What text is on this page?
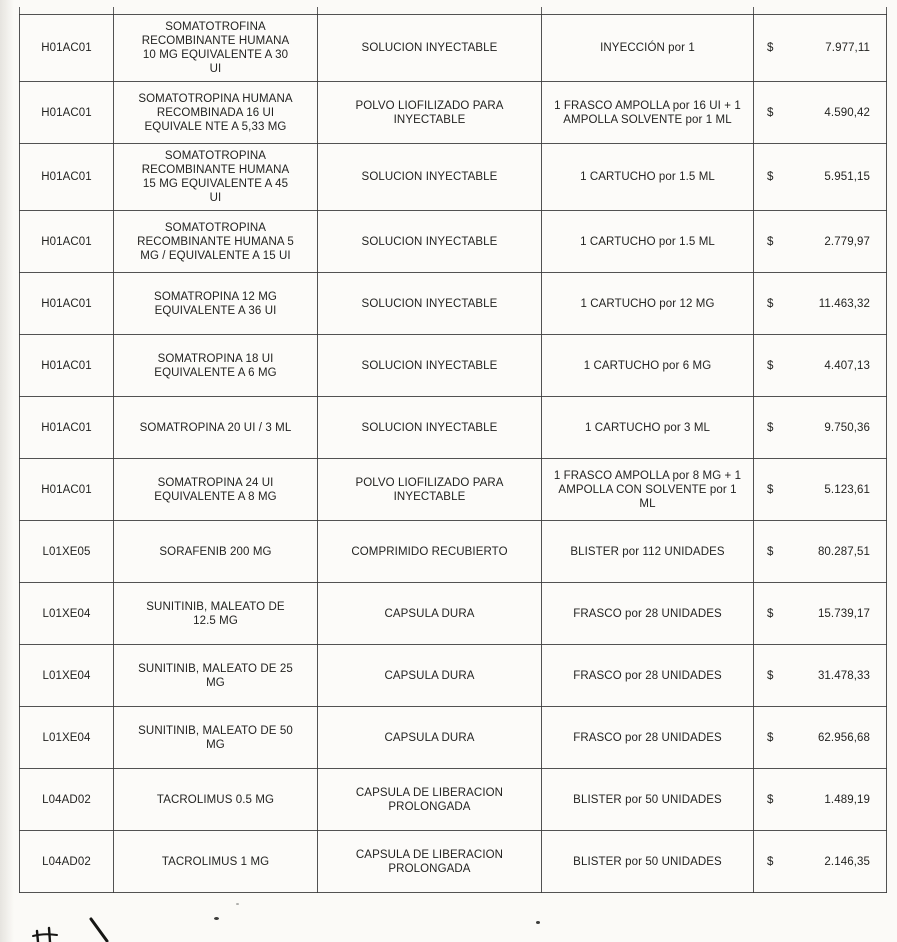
H01AC01	SOMATOTROFINA RECOMBINANTE HUMANA 10 MG EQUIVALENTE A 30 UI	SOLUCION INYECTABLE	INYECCIÓN por 1	$ 7.977,11

H01AC01	SOMATOTROPINA HUMANA RECOMBINADA 16 UI EQUIVALE NTE A 5,33 MG	POLVO LIOFILIZADO PARA INYECTABLE	1 FRASCO AMPOLLA por 16 UI + 1 AMPOLLA SOLVENTE por 1 ML	$ 4.590,42

H01AC01	SOMATOTROPINA RECOMBINANTE HUMANA 15 MG EQUIVALENTE A 45 UI	SOLUCION INYECTABLE	1 CARTUCHO por 1.5 ML	$ 5.951,15

H01AC01	SOMATOTROPINA RECOMBINANTE HUMANA 5 MG / EQUIVALENTE A 15 UI	SOLUCION INYECTABLE	1 CARTUCHO por 1.5 ML	$ 2.779,97

H01AC01	SOMATROPINA 12 MG EQUIVALENTE A 36 UI	SOLUCION INYECTABLE	1 CARTUCHO por 12 MG	$ 11.463,32

H01AC01	SOMATROPINA 18 UI EQUIVALENTE A 6 MG	SOLUCION INYECTABLE	1 CARTUCHO por 6 MG	$ 4.407,13

H01AC01	SOMATROPINA 20 UI / 3 ML	SOLUCION INYECTABLE	1 CARTUCHO por 3 ML	$ 9.750,36

H01AC01	SOMATROPINA 24 UI EQUIVALENTE A 8 MG	POLVO LIOFILIZADO PARA INYECTABLE	1 FRASCO AMPOLLA por 8 MG + 1 AMPOLLA CON SOLVENTE por 1 ML	$ 5.123,61

L01XE05	SORAFENIB 200 MG	COMPRIMIDO RECUBIERTO	BLISTER por 112 UNIDADES	$ 80.287,51

L01XE04	SUNITINIB, MALEATO DE 12.5 MG	CAPSULA DURA	FRASCO por 28 UNIDADES	$ 15.739,17

L01XE04	SUNITINIB, MALEATO DE 25 MG	CAPSULA DURA	FRASCO por 28 UNIDADES	$ 31.478,33

L01XE04	SUNITINIB, MALEATO DE 50 MG	CAPSULA DURA	FRASCO por 28 UNIDADES	$ 62.956,68

L04AD02	TACROLIMUS 0.5 MG	CAPSULA DE LIBERACION PROLONGADA	BLISTER por 50 UNIDADES	$ 1.489,19

L04AD02	TACROLIMUS 1 MG	CAPSULA DE LIBERACION PROLONGADA	BLISTER por 50 UNIDADES	$ 2.146,35
